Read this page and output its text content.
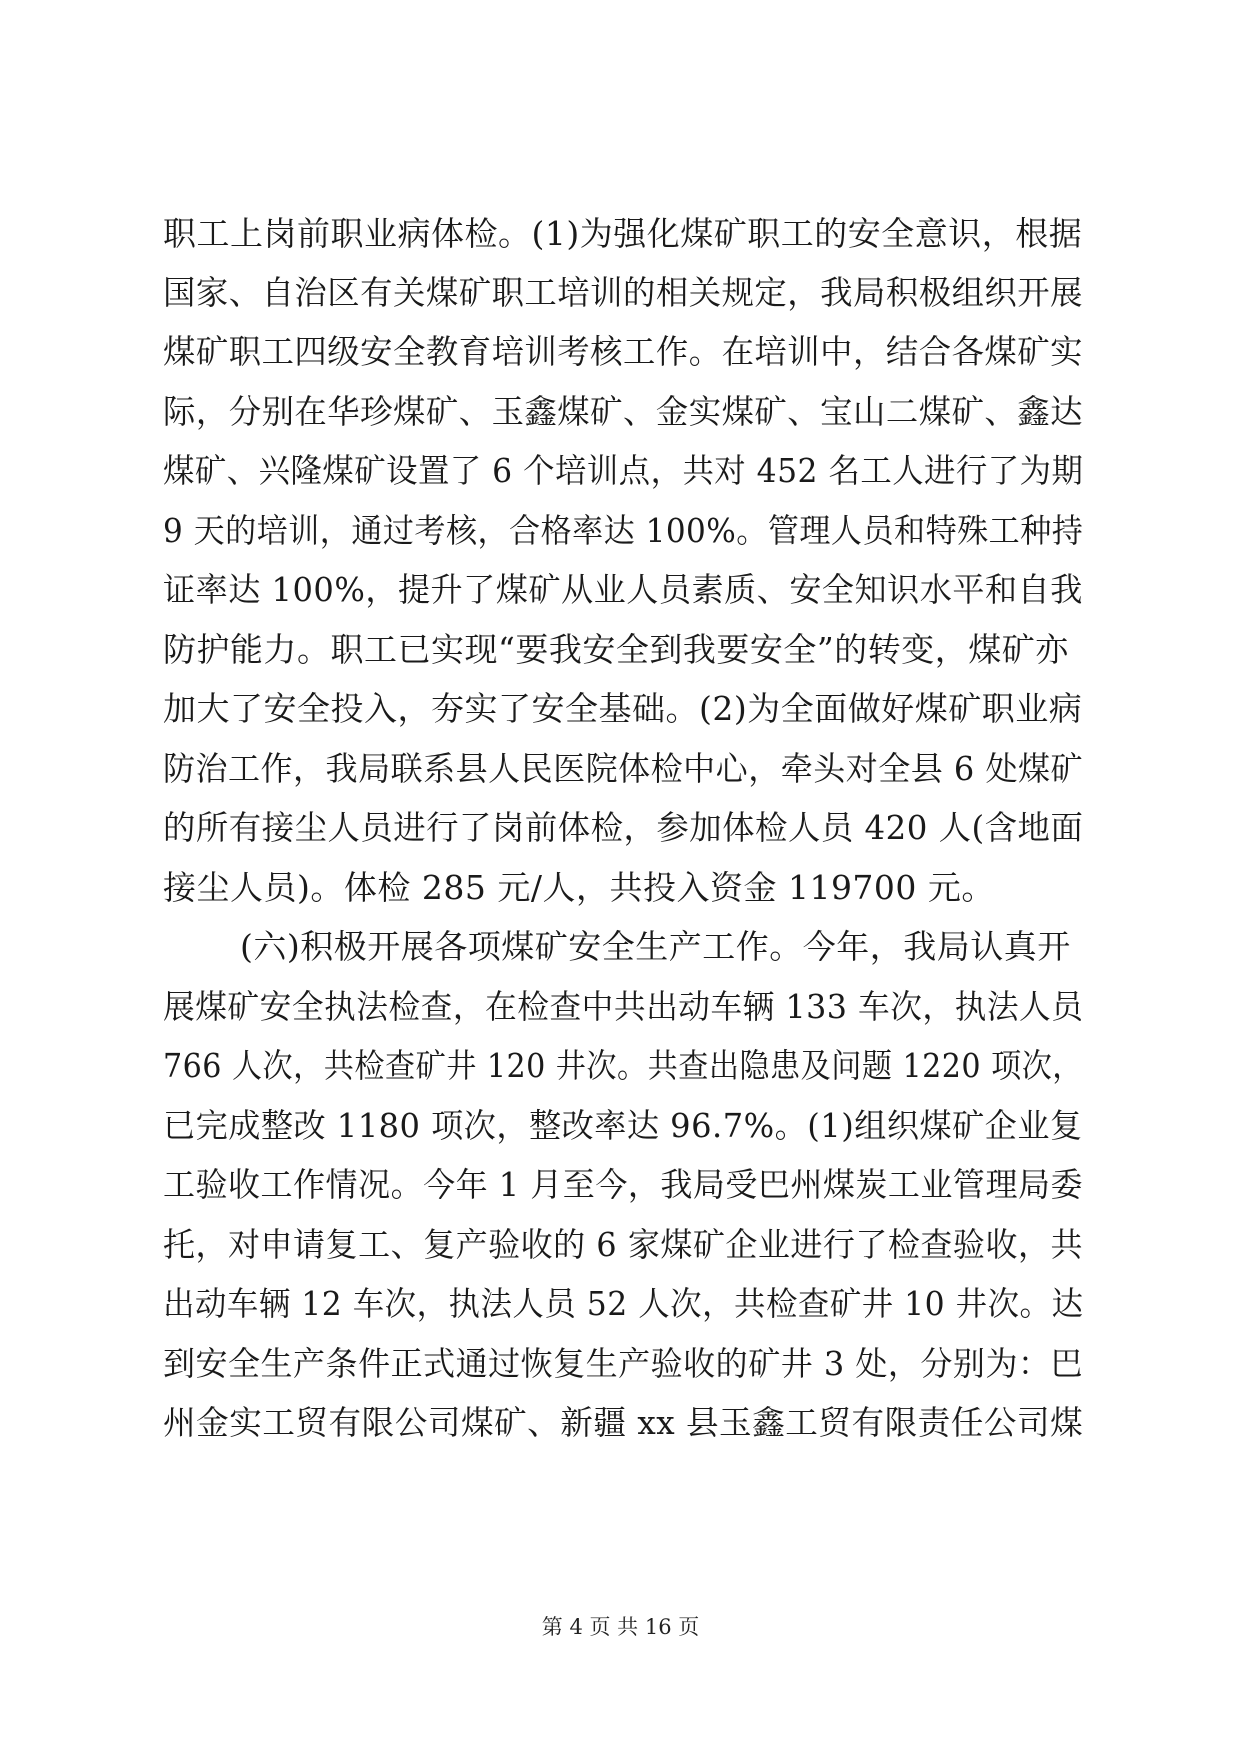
职工上岗前职业病体检。(1)为强化煤矿职工的安全意识，根据
国家、自治区有关煤矿职工培训的相关规定，我局积极组织开展
煤矿职工四级安全教育培训考核工作。在培训中，结合各煤矿实
际，分别在华珍煤矿、玉鑫煤矿、金实煤矿、宝山二煤矿、鑫达
煤矿、兴隆煤矿设置了 6 个培训点，共对 452 名工人进行了为期
9 天的培训，通过考核，合格率达 100%。管理人员和特殊工种持
证率达 100%，提升了煤矿从业人员素质、安全知识水平和自我
防护能力。职工已实现“要我安全到我要安全”的转变，煤矿亦
加大了安全投入，夯实了安全基础。(2)为全面做好煤矿职业病
防治工作，我局联系县人民医院体检中心，牵头对全县 6 处煤矿
的所有接尘人员进行了岗前体检，参加体检人员 420 人(含地面
接尘人员)。体检 285 元/人，共投入资金 119700 元。
(六)积极开展各项煤矿安全生产工作。今年，我局认真开
展煤矿安全执法检查，在检查中共出动车辆 133 车次，执法人员
766 人次，共检查矿井 120 井次。共查出隐患及问题 1220 项次，
已完成整改 1180 项次，整改率达 96.7%。(1)组织煤矿企业复
工验收工作情况。今年 1 月至今，我局受巴州煤炭工业管理局委
托，对申请复工、复产验收的 6 家煤矿企业进行了检查验收，共
出动车辆 12 车次，执法人员 52 人次，共检查矿井 10 井次。达
到安全生产条件正式通过恢复生产验收的矿井 3 处，分别为：巴
州金实工贸有限公司煤矿、新疆 xx 县玉鑫工贸有限责任公司煤
第 4 页 共 16 页
